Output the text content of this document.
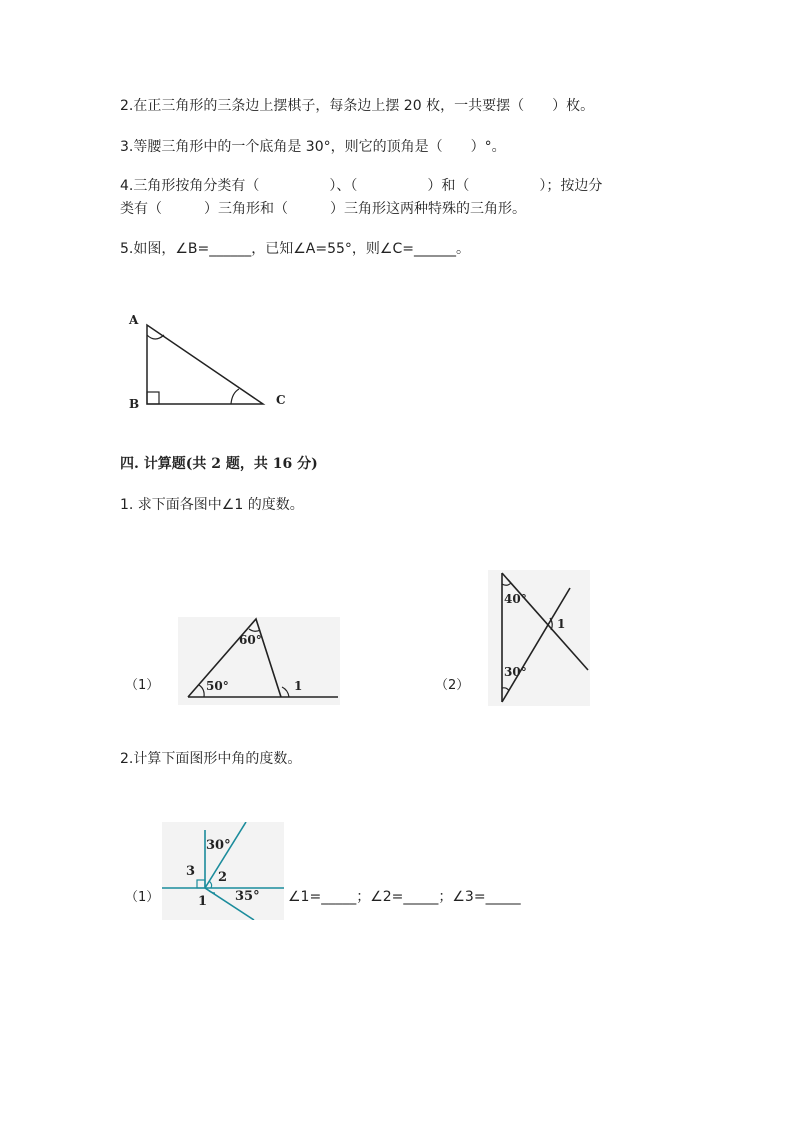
2.在正三角形的三条边上摆棋子，每条边上摆 20 枚，一共要摆（　　）枚。
3.等腰三角形中的一个底角是 30°，则它的顶角是（　　）°。
4.三角形按角分类有（　　　　　）、（　　　　　）和（　　　　　）；按边分
类有（　　　）三角形和（　　　）三角形这两种特殊的三角形。
5.如图，∠B=______，已知∠A=55°，则∠C=______。
A
B	C
四. 计算题(共 2 题，共 16 分)
1. 求下面各图中∠1 的度数。
（1）
60°
50°	1	（2）
40°
30°
1
2.计算下面图形中角的度数。
（1）
30°
35°
1
2
3
∠1=_____；∠2=_____；∠3=_____
